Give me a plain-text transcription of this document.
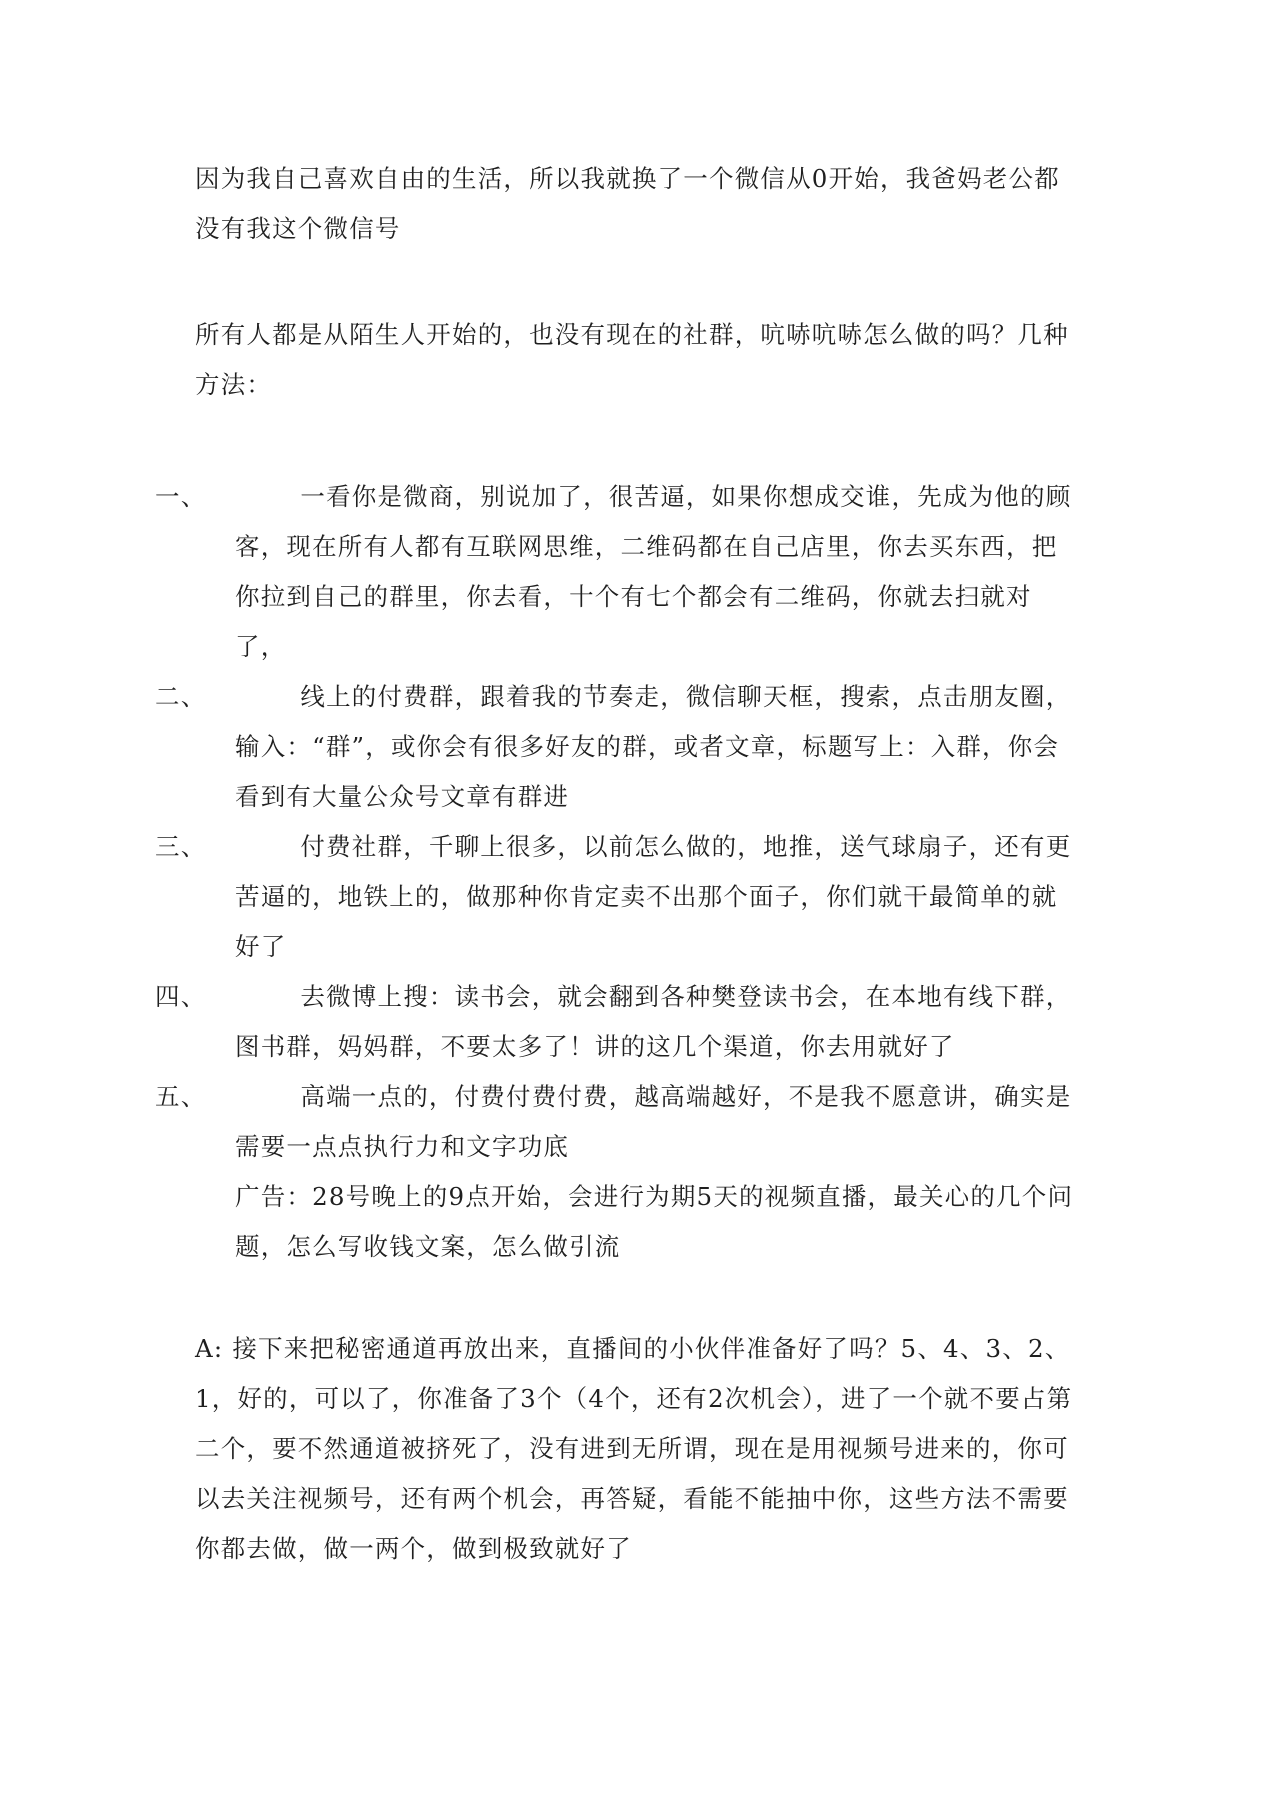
因为我自己喜欢自由的生活，所以我就换了一个微信从0开始，我爸妈老公都没有我这个微信号

所有人都是从陌生人开始的，也没有现在的社群，吭哧吭哧怎么做的吗？几种方法：

一、	一看你是微商，别说加了，很苦逼，如果你想成交谁，先成为他的顾客，现在所有人都有互联网思维，二维码都在自己店里，你去买东西，把你拉到自己的群里，你去看，十个有七个都会有二维码，你就去扫就对了，
二、	线上的付费群，跟着我的节奏走，微信聊天框，搜索，点击朋友圈，输入：“群”，或你会有很多好友的群，或者文章，标题写上：入群，你会看到有大量公众号文章有群进
三、	付费社群，千聊上很多，以前怎么做的，地推，送气球扇子，还有更苦逼的，地铁上的，做那种你肯定卖不出那个面子，你们就干最简单的就好了
四、	去微博上搜：读书会，就会翻到各种樊登读书会，在本地有线下群，图书群，妈妈群，不要太多了！讲的这几个渠道，你去用就好了
五、	高端一点的，付费付费付费，越高端越好，不是我不愿意讲，确实是需要一点点执行力和文字功底

广告：28号晚上的9点开始，会进行为期5天的视频直播，最关心的几个问题，怎么写收钱文案，怎么做引流

A: 接下来把秘密通道再放出来，直播间的小伙伴准备好了吗？5、4、3、2、1，好的，可以了，你准备了3个（4个，还有2次机会），进了一个就不要占第二个，要不然通道被挤死了，没有进到无所谓，现在是用视频号进来的，你可以去关注视频号，还有两个机会，再答疑，看能不能抽中你，这些方法不需要你都去做，做一两个，做到极致就好了
